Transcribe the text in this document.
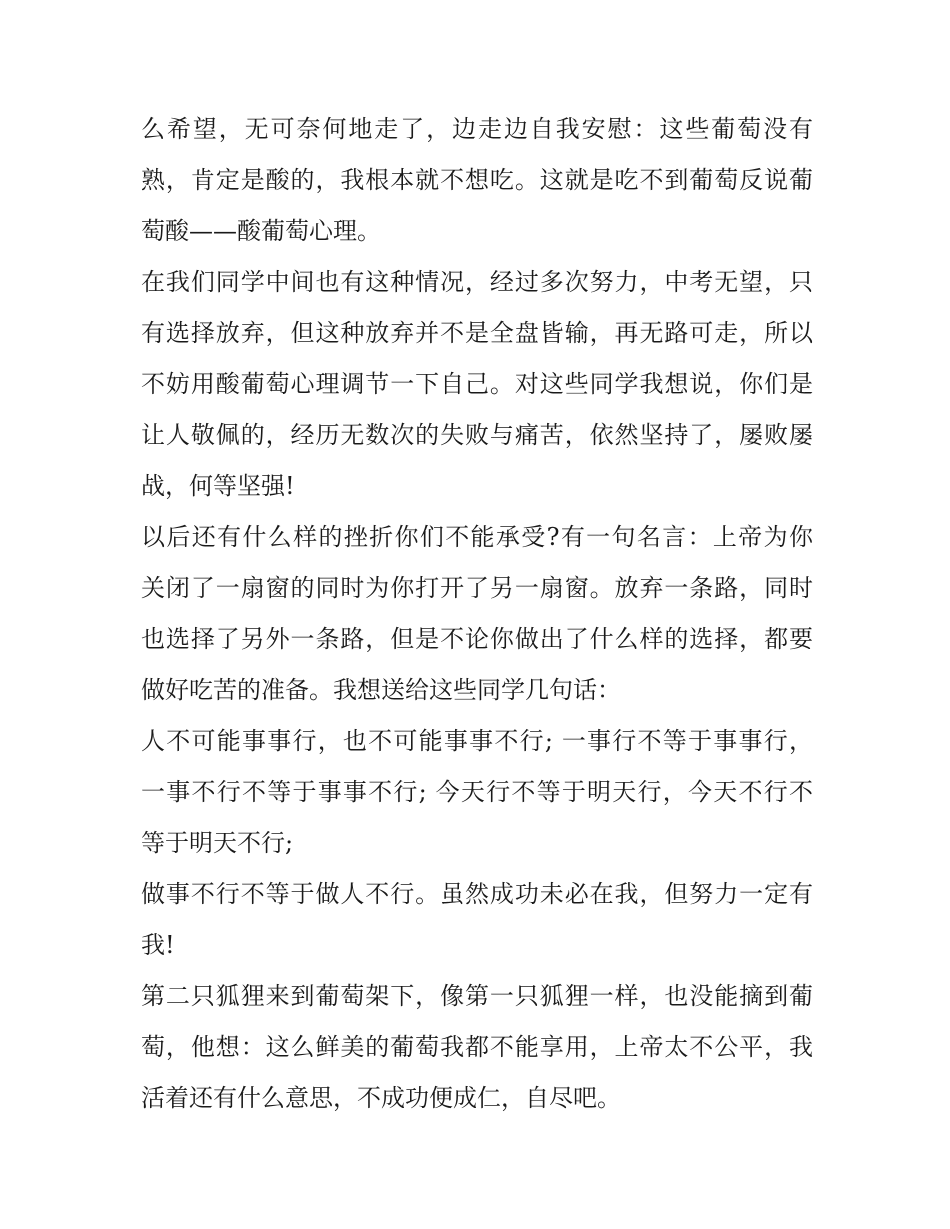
么希望，无可奈何地走了，边走边自我安慰：这些葡萄没有
熟，肯定是酸的，我根本就不想吃。这就是吃不到葡萄反说葡
萄酸——酸葡萄心理。
在我们同学中间也有这种情况，经过多次努力，中考无望，只
有选择放弃，但这种放弃并不是全盘皆输，再无路可走，所以
不妨用酸葡萄心理调节一下自己。对这些同学我想说，你们是
让人敬佩的，经历无数次的失败与痛苦，依然坚持了，屡败屡
战，何等坚强!
以后还有什么样的挫折你们不能承受?有一句名言：上帝为你
关闭了一扇窗的同时为你打开了另一扇窗。放弃一条路，同时
也选择了另外一条路，但是不论你做出了什么样的选择，都要
做好吃苦的准备。我想送给这些同学几句话：
人不可能事事行，也不可能事事不行; 一事行不等于事事行，
一事不行不等于事事不行; 今天行不等于明天行，今天不行不
等于明天不行;
做事不行不等于做人不行。虽然成功未必在我，但努力一定有
我!
第二只狐狸来到葡萄架下，像第一只狐狸一样，也没能摘到葡
萄，他想：这么鲜美的葡萄我都不能享用，上帝太不公平，我
活着还有什么意思，不成功便成仁，自尽吧。
